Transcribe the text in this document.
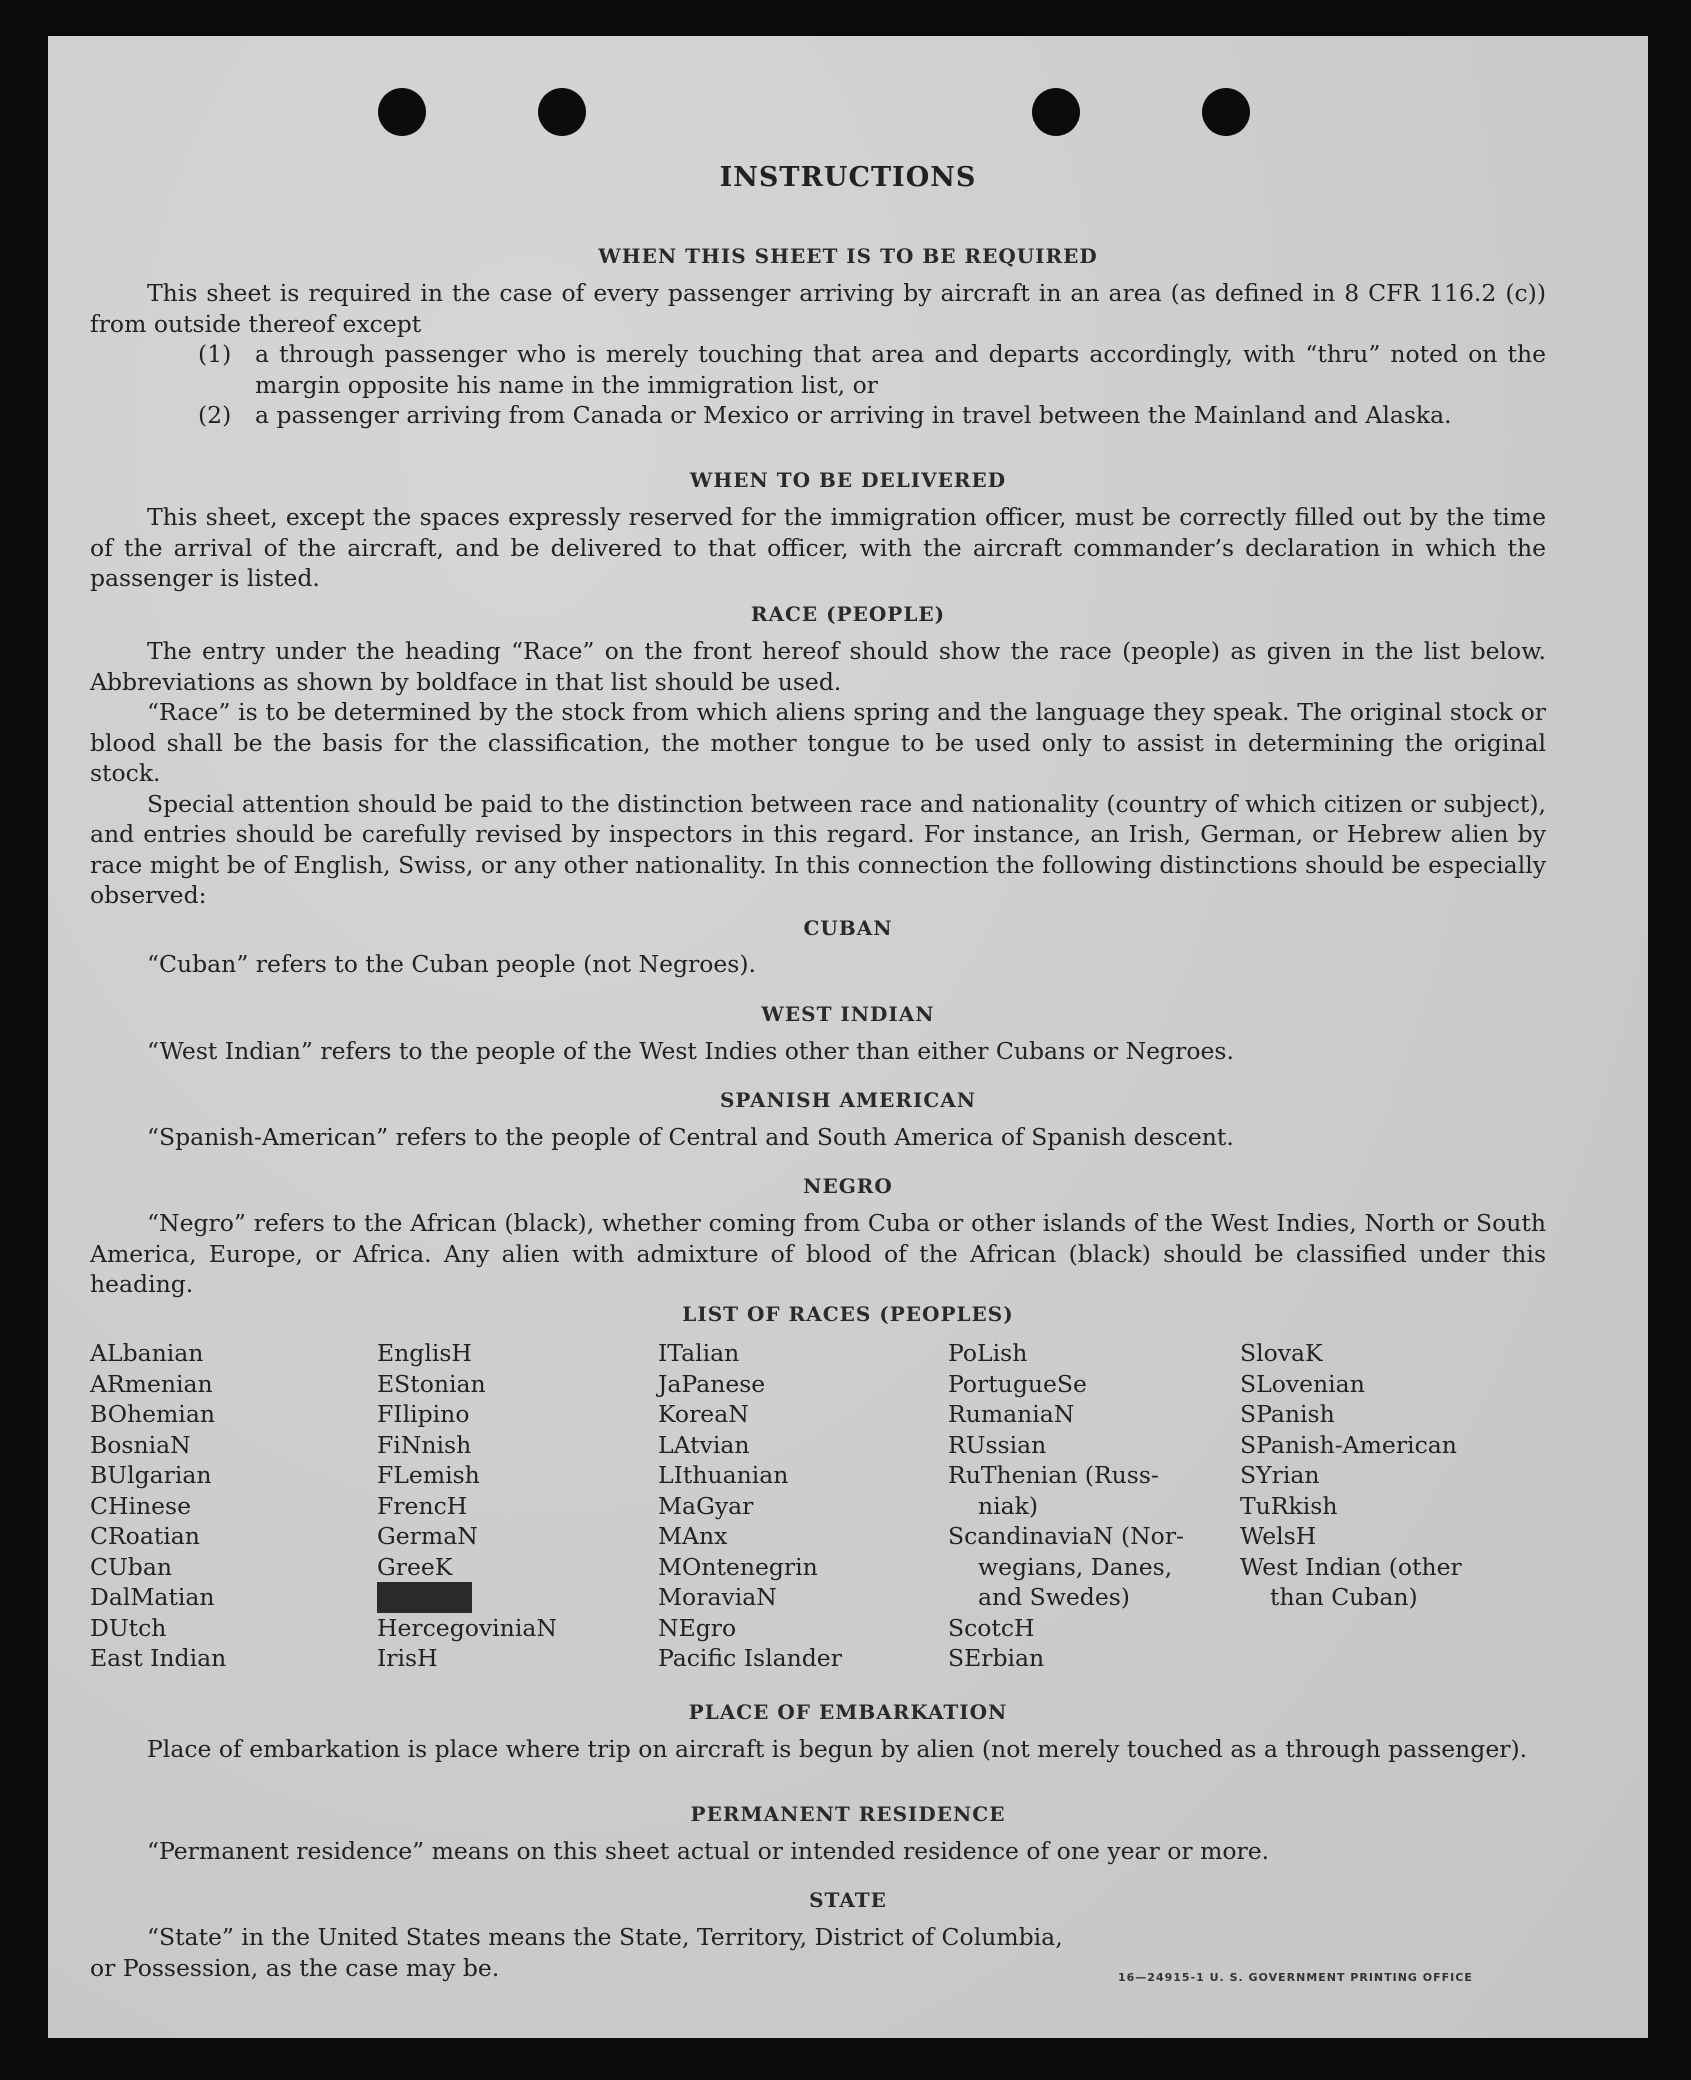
INSTRUCTIONS
WHEN THIS SHEET IS TO BE REQUIRED

This sheet is required in the case of every passenger arriving by aircraft in an area (as defined in 8 CFR 116.2 (c)) from outside thereof except

(1) a through passenger who is merely touching that area and departs accordingly, with “thru” noted on the margin opposite his name in the immigration list, or
(2) a passenger arriving from Canada or Mexico or arriving in travel between the Mainland and Alaska.
WHEN TO BE DELIVERED

This sheet, except the spaces expressly reserved for the immigration officer, must be correctly filled out by the time of the arrival of the aircraft, and be delivered to that officer, with the aircraft commander’s declaration in which the passenger is listed.

RACE (PEOPLE)

The entry under the heading “Race” on the front hereof should show the race (people) as given in the list below. Abbreviations as shown by boldface in that list should be used.

“Race” is to be determined by the stock from which aliens spring and the language they speak. The original stock or blood shall be the basis for the classification, the mother tongue to be used only to assist in determining the original stock.

Special attention should be paid to the distinction between race and nationality (country of which citizen or subject), and entries should be carefully revised by inspectors in this regard. For instance, an Irish, German, or Hebrew alien by race might be of English, Swiss, or any other nationality. In this connection the following distinctions should be especially observed:

CUBAN

“Cuban” refers to the Cuban people (not Negroes).

WEST INDIAN

“West Indian” refers to the people of the West Indies other than either Cubans or Negroes.

SPANISH AMERICAN

“Spanish-American” refers to the people of Central and South America of Spanish descent.

NEGRO

“Negro” refers to the African (black), whether coming from Cuba or other islands of the West Indies, North or South America, Europe, or Africa. Any alien with admixture of blood of the African (black) should be classified under this heading.

LIST OF RACES (PEOPLES)
ALbanian
ARmenian
BOhemian
BosniaN
BUlgarian
CHinese
CRoatian
CUban
DalMatian
DUtch
East Indian
EnglisH
EStonian
FIlipino
FiNnish
FLemish
FrencH
GermaN
GreeK
HercegoviniaN
IrisH
ITalian
JaPanese
KoreaN
LAtvian
LIthuanian
MaGyar
MAnx
MOntenegrin
MoraviaN
NEgro
Pacific Islander
PoLish
PortugueSe
RumaniaN
RUssian
RuThenian (Russ-
niak)
ScandinaviaN (Nor-
wegians, Danes,
and Swedes)
ScotcH
SErbian
SlovaK
SLovenian
SPanish
SPanish-American
SYrian
TuRkish
WelsH
West Indian (other
than Cuban)
PLACE OF EMBARKATION

Place of embarkation is place where trip on aircraft is begun by alien (not merely touched as a through passenger).

PERMANENT RESIDENCE

“Permanent residence” means on this sheet actual or intended residence of one year or more.

STATE

“State” in the United States means the State, Territory, District of Columbia, or Possession, as the case may be.	16—24915-1 U. S. GOVERNMENT PRINTING OFFICE
